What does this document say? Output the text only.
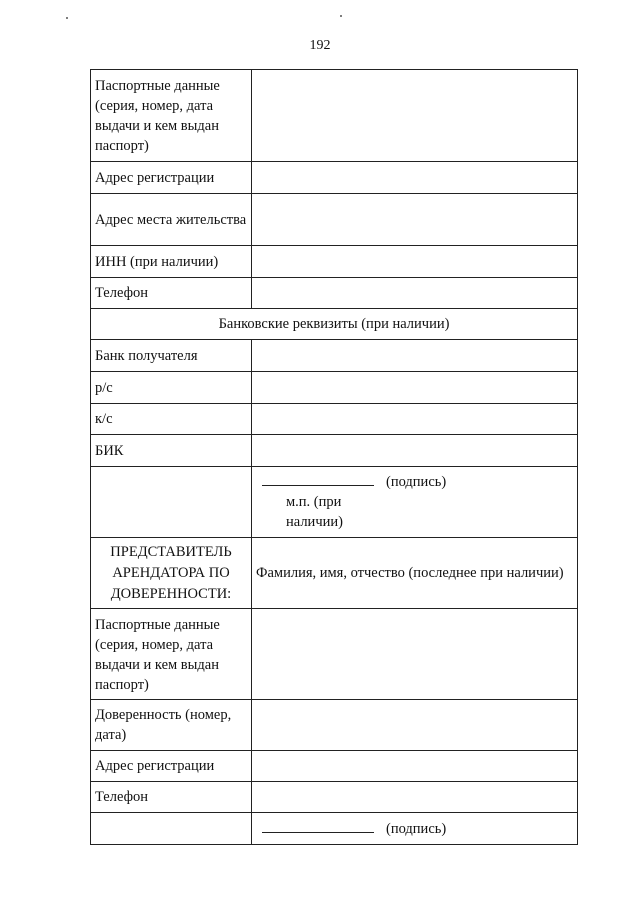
192
Паспортные данные (серия, номер, дата выдачи и кем выдан паспорт)	
Адрес регистрации	
Адрес места жительства	
ИНН (при наличии)	
Телефон	
Банковские реквизиты (при наличии)	
Банк получателя	
р/с	
к/с	
БИК	
	(подпись)
м.п. (при наличии)

ПРЕДСТАВИТЕЛЬ АРЕНДАТОРА ПО ДОВЕРЕННОСТИ:	Фамилия, имя, отчество (последнее при наличии)
Паспортные данные (серия, номер, дата выдачи и кем выдан паспорт)	
Доверенность (номер, дата)	
Адрес регистрации	
Телефон	
	(подпись)
